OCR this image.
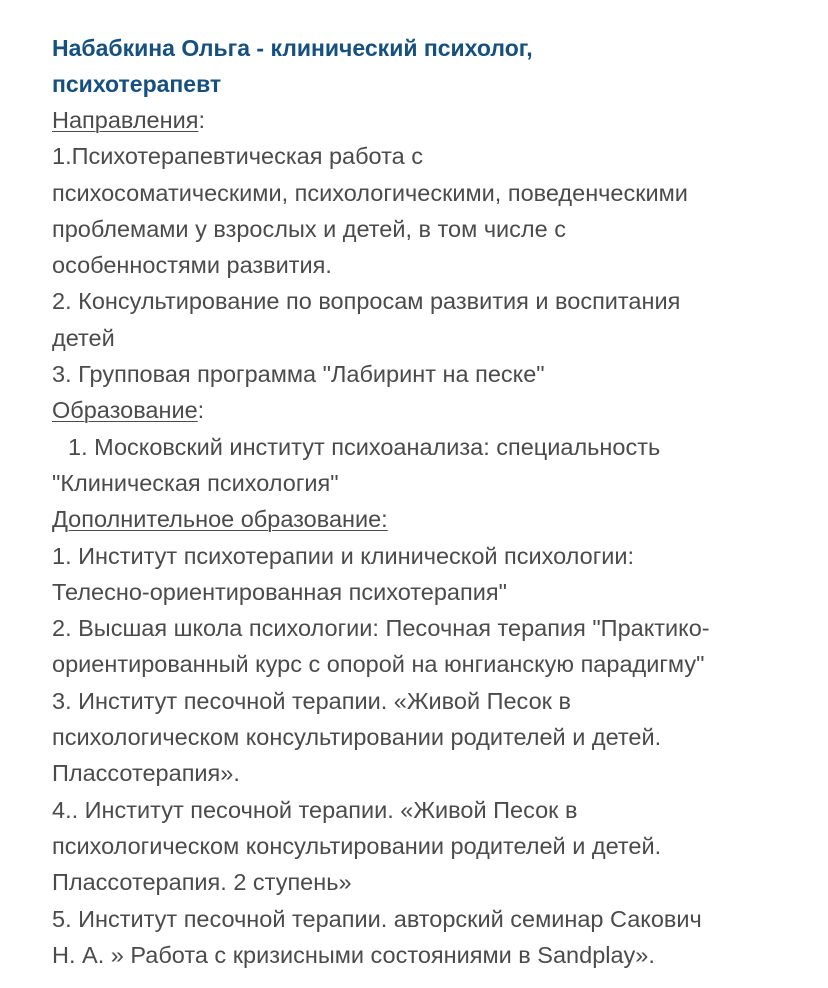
Набабкина Ольга - клинический психолог,
психотерапевт
Направления:
1.Психотерапевтическая работа с
психосоматическими, психологическими, поведенческими
проблемами у взрослых и детей, в том числе с
особенностями развития.
2. Консультирование по вопросам развития и воспитания
детей
3. Групповая программа "Лабиринт на песке"
Образование:
1. Московский институт психоанализа: специальность
"Клиническая психология"
Дополнительное образование:
1. Институт психотерапии и клинической психологии:
Телесно-ориентированная психотерапия"
2. Высшая школа психологии: Песочная терапия "Практико-
ориентированный курс с опорой на юнгианскую парадигму"
3. Институт песочной терапии. «Живой Песок в
психологическом консультировании родителей и детей.
Плассотерапия».
4.. Институт песочной терапии. «Живой Песок в
психологическом консультировании родителей и детей.
Плассотерапия. 2 ступень»
5. Институт песочной терапии. авторский семинар Сакович
Н. А. » Работа с кризисными состояниями в Sandplay».
